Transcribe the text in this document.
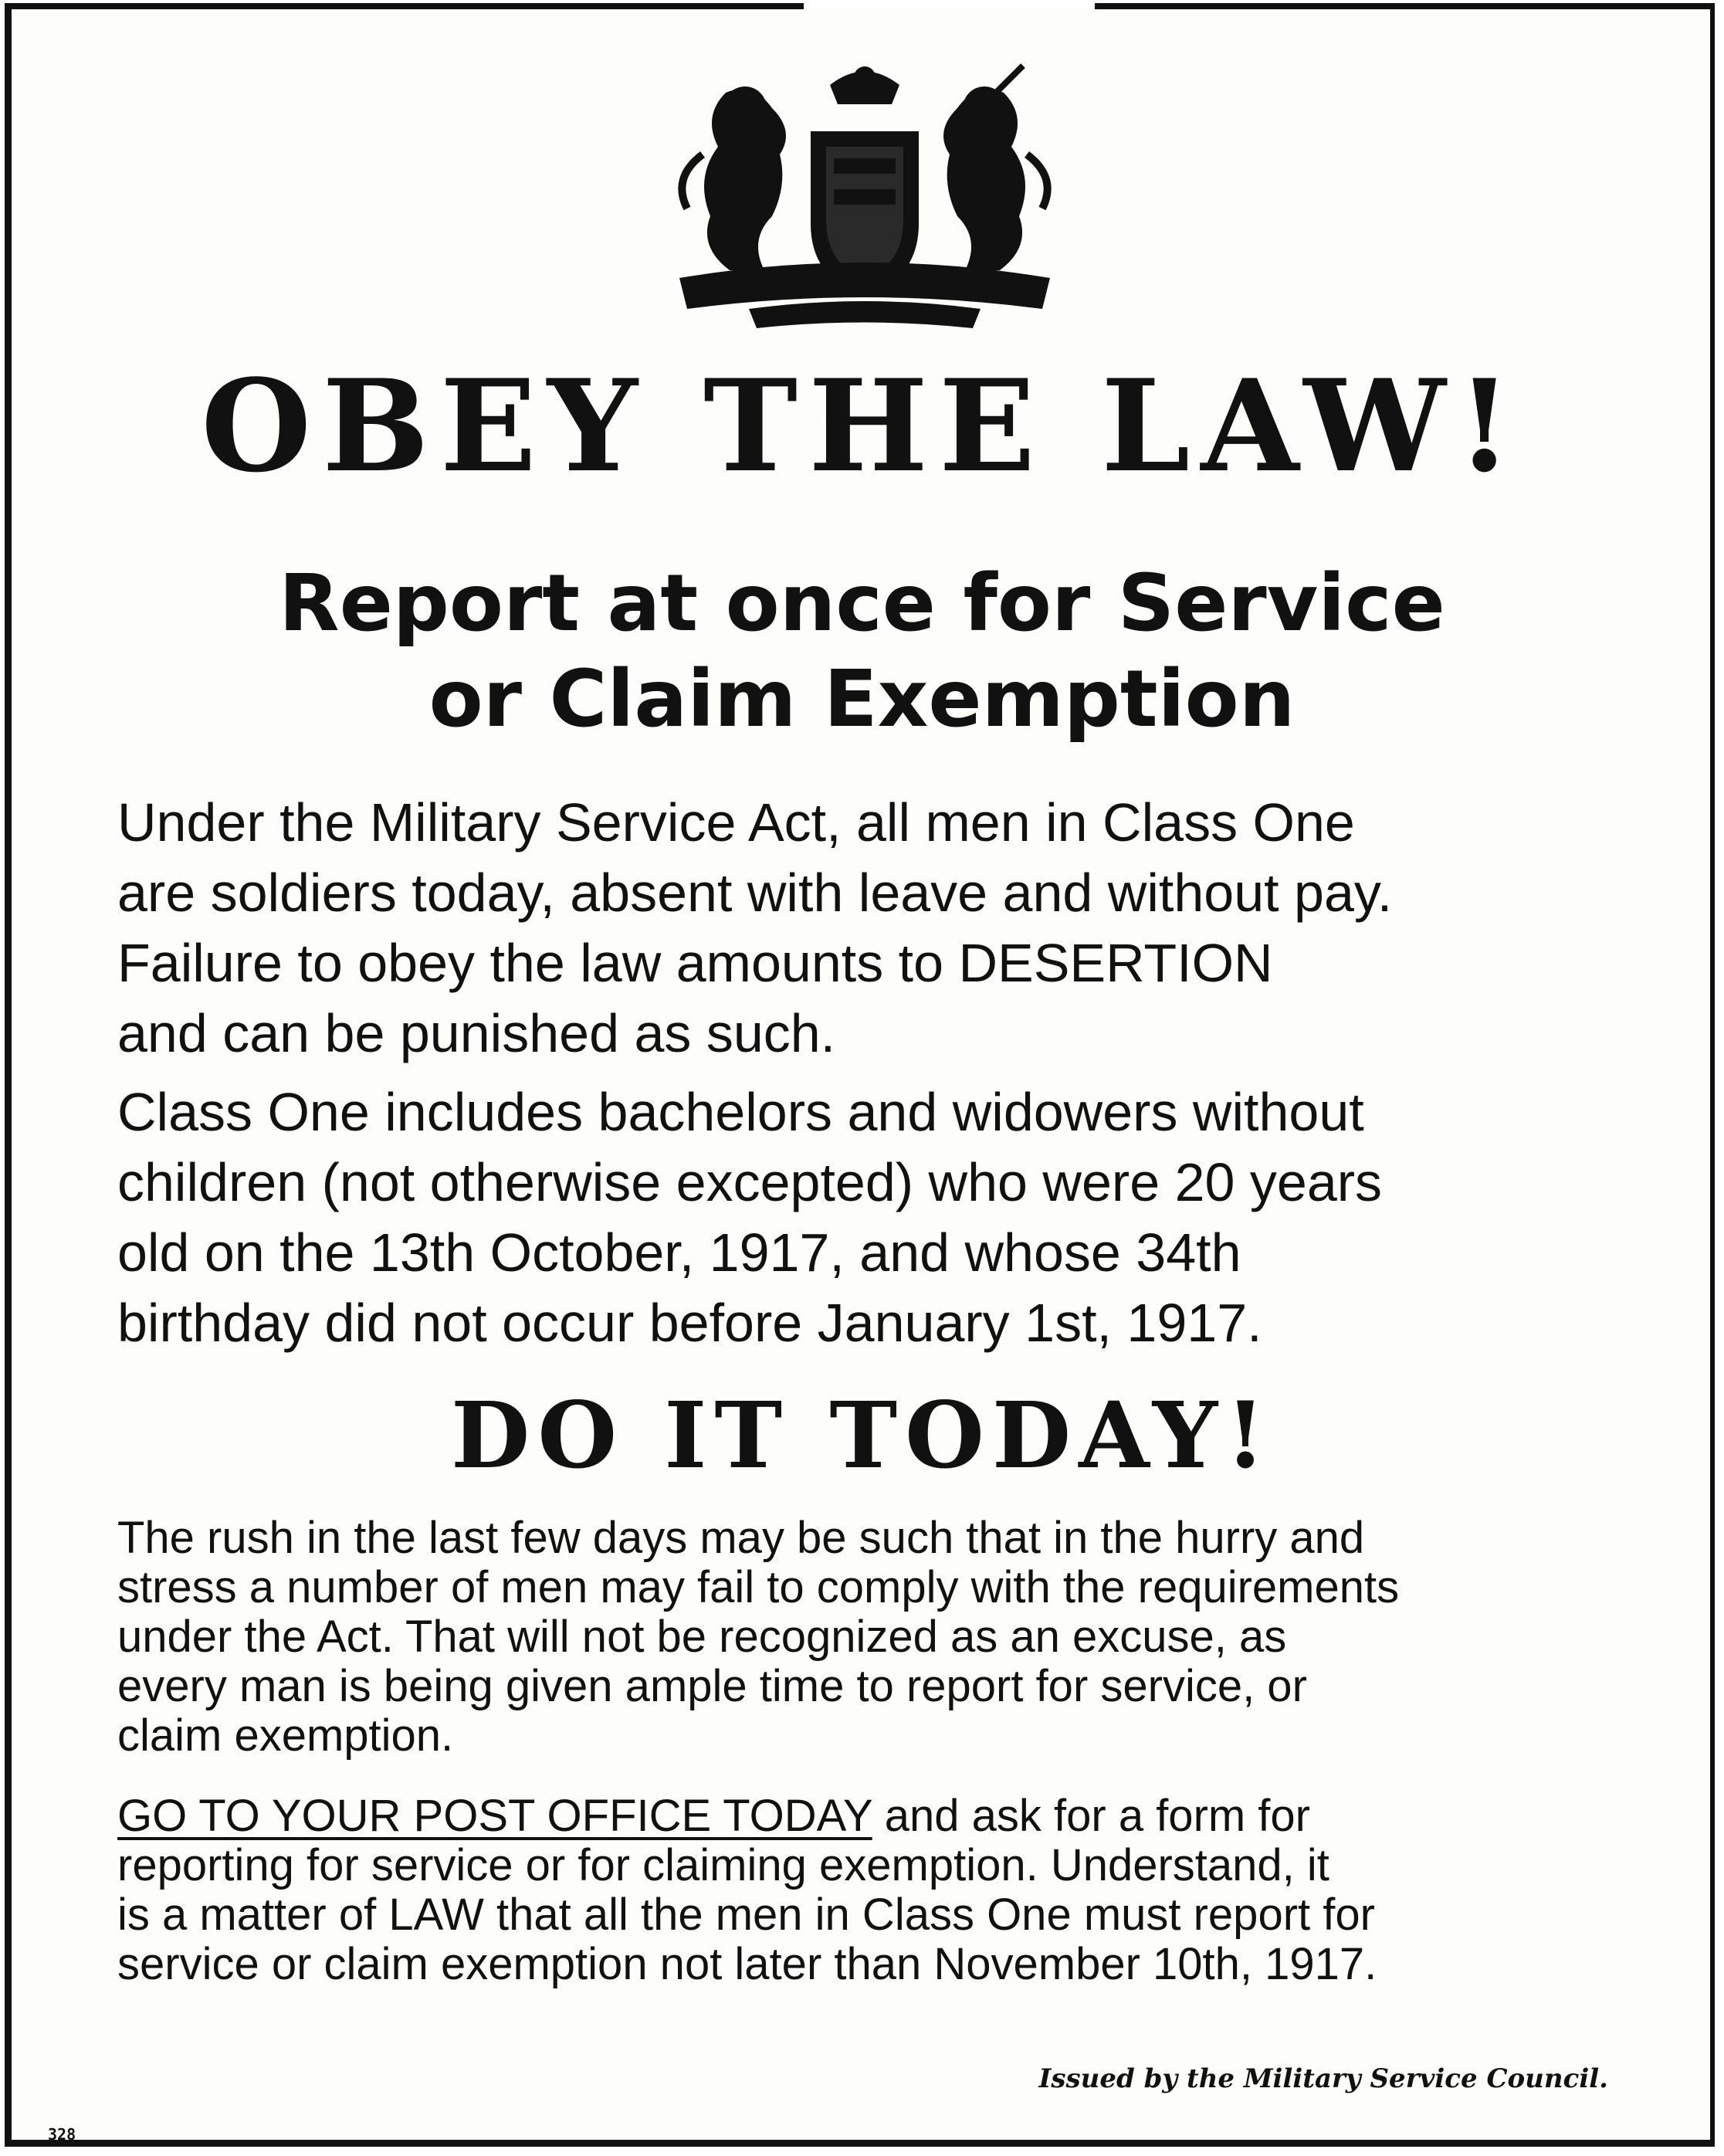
CANADA
OBEY THE LAW!
Report at once for Service
or Claim Exemption

Under the Military Service Act, all men in Class One
are soldiers today, absent with leave and without pay.
Failure to obey the law amounts to DESERTION
and can be punished as such.

Class One includes bachelors and widowers without
children (not otherwise excepted) who were 20 years
old on the 13th October, 1917, and whose 34th
birthday did not occur before January 1st, 1917.

DO IT TODAY!

The rush in the last few days may be such that in the hurry and
stress a number of men may fail to comply with the requirements
under the Act. That will not be recognized as an excuse, as
every man is being given ample time to report for service, or
claim exemption.

GO TO YOUR POST OFFICE TODAY and ask for a form for
reporting for service or for claiming exemption. Understand, it
is a matter of LAW that all the men in Class One must report for
service or claim exemption not later than November 10th, 1917.

Issued by the Military Service Council.

328
